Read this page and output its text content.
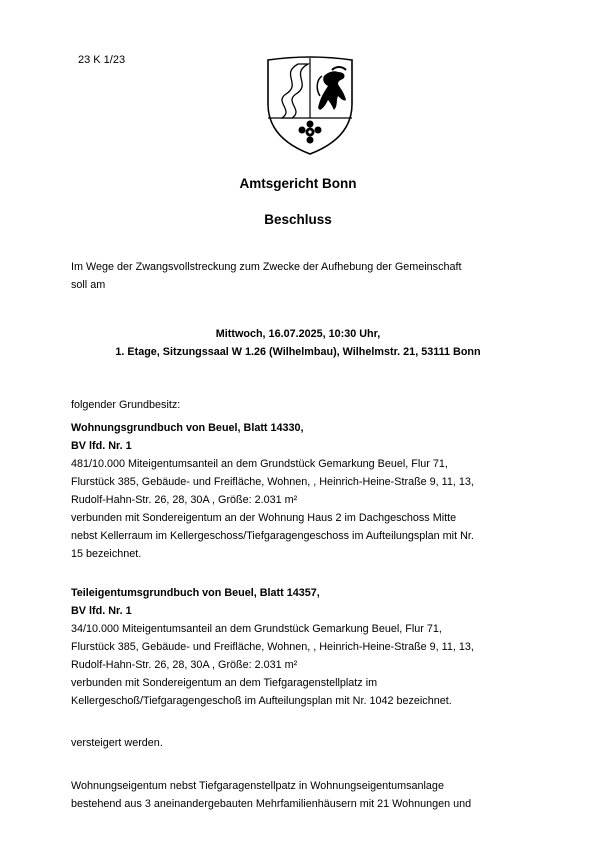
23 K 1/23
Amtsgericht Bonn
Beschluss
Im Wege der Zwangsvollstreckung zum Zwecke der Aufhebung der Gemeinschaft
soll am
Mittwoch, 16.07.2025, 10:30 Uhr,
1. Etage, Sitzungssaal W 1.26 (Wilhelmbau), Wilhelmstr. 21, 53111 Bonn
folgender Grundbesitz:
Wohnungsgrundbuch von Beuel, Blatt 14330,
BV lfd. Nr. 1
481/10.000 Miteigentumsanteil an dem Grundstück Gemarkung Beuel, Flur 71,
Flurstück 385, Gebäude- und Freifläche, Wohnen, , Heinrich-Heine-Straße 9, 11, 13,
Rudolf-Hahn-Str. 26, 28, 30A , Größe: 2.031 m²
verbunden mit Sondereigentum an der Wohnung Haus 2 im Dachgeschoss Mitte
nebst Kellerraum im Kellergeschoss/Tiefgaragengeschoss im Aufteilungsplan mit Nr.
15 bezeichnet.
Teileigentumsgrundbuch von Beuel, Blatt 14357,
BV lfd. Nr. 1
34/10.000 Miteigentumsanteil an dem Grundstück Gemarkung Beuel, Flur 71,
Flurstück 385, Gebäude- und Freifläche, Wohnen, , Heinrich-Heine-Straße 9, 11, 13,
Rudolf-Hahn-Str. 26, 28, 30A , Größe: 2.031 m²
verbunden mit Sondereigentum an dem Tiefgaragenstellplatz im
Kellergeschoß/Tiefgaragengeschoß im Aufteilungsplan mit Nr. 1042 bezeichnet.
versteigert werden.
Wohnungseigentum nebst Tiefgaragenstellpatz in Wohnungseigentumsanlage
bestehend aus 3 aneinandergebauten Mehrfamilienhäusern mit 21 Wohnungen und
